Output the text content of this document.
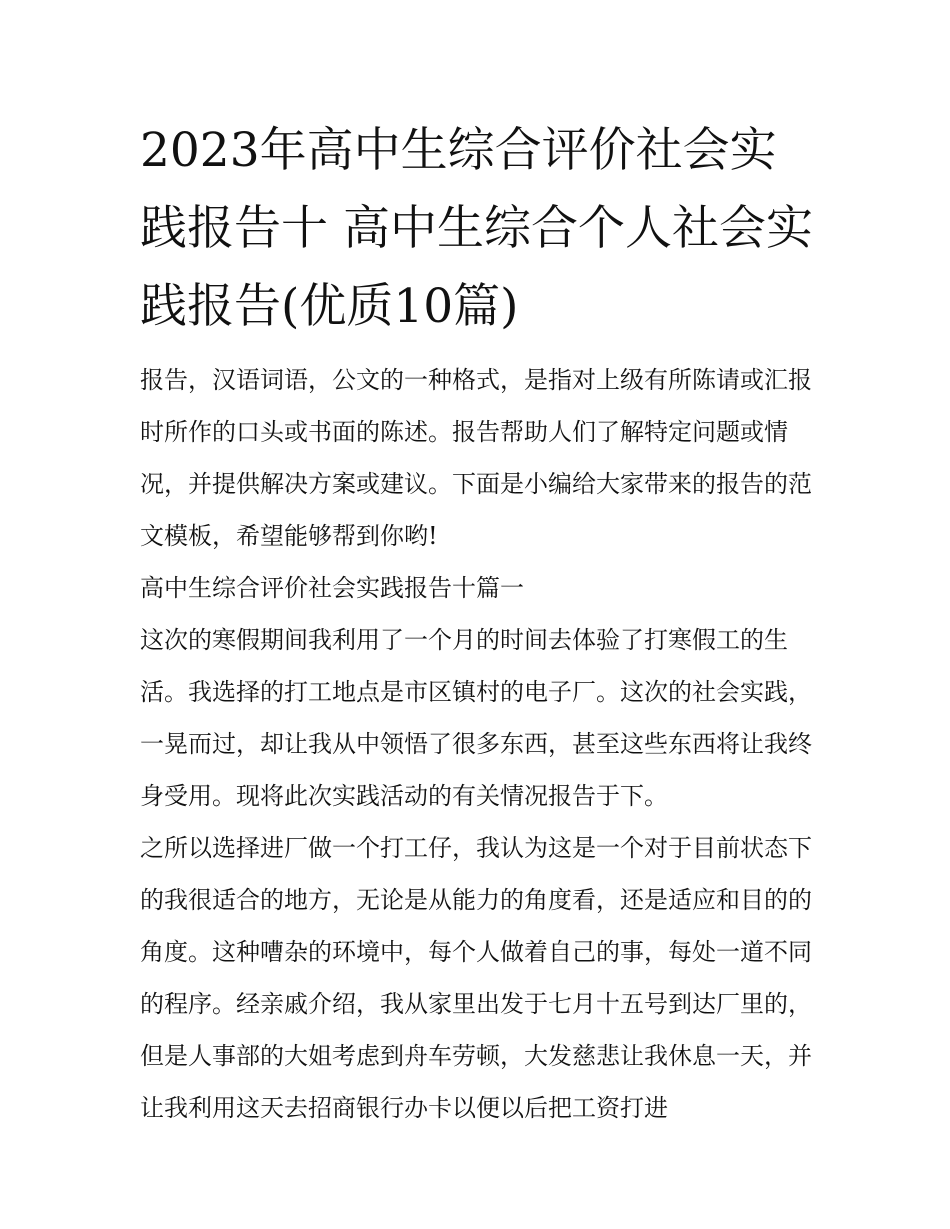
2023年高中生综合评价社会实践报告十 高中生综合个人社会实践报告(优质10篇)

报告，汉语词语，公文的一种格式，是指对上级有所陈请或汇报时所作的口头或书面的陈述。报告帮助人们了解特定问题或情况，并提供解决方案或建议。下面是小编给大家带来的报告的范文模板，希望能够帮到你哟!

高中生综合评价社会实践报告十篇一

这次的寒假期间我利用了一个月的时间去体验了打寒假工的生活。我选择的打工地点是市区镇村的电子厂。这次的社会实践，一晃而过，却让我从中领悟了很多东西，甚至这些东西将让我终身受用。现将此次实践活动的有关情况报告于下。

之所以选择进厂做一个打工仔，我认为这是一个对于目前状态下的我很适合的地方，无论是从能力的角度看，还是适应和目的的角度。这种嘈杂的环境中，每个人做着自己的事，每处一道不同的程序。经亲戚介绍，我从家里出发于七月十五号到达厂里的，但是人事部的大姐考虑到舟车劳顿，大发慈悲让我休息一天，并让我利用这天去招商银行办卡以便以后把工资打进
